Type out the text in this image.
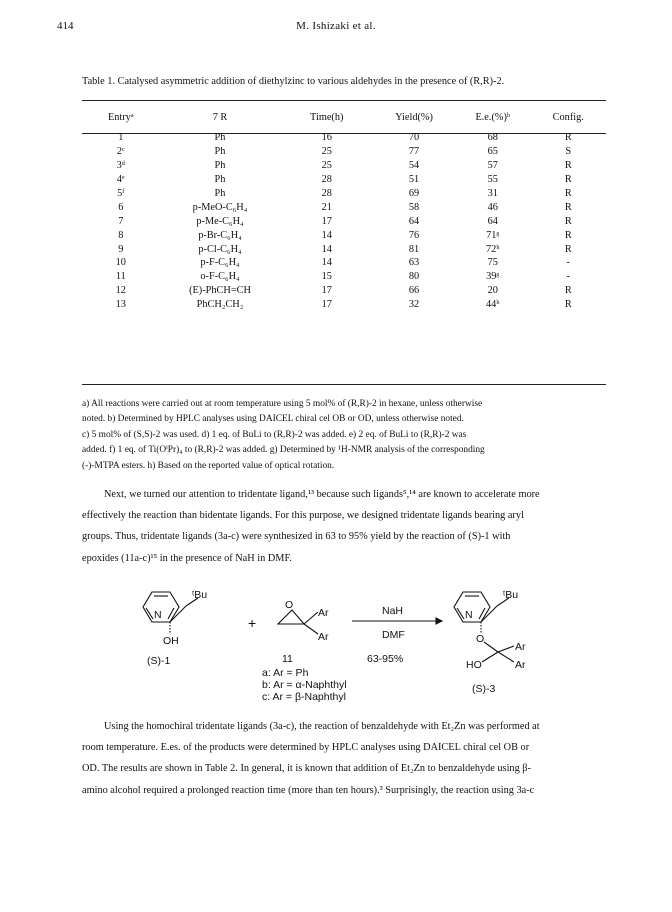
414	M. Ishizaki et al.
Table 1. Catalysed asymmetric addition of diethylzinc to various aldehydes in the presence of (R,R)-2.
Entryᵃ	7 R	Time(h)	Yield(%)	E.e.(%)ᵇ	Config.
1	Ph	16	70	68	R
2ᶜ	Ph	25	77	65	S
3ᵈ	Ph	25	54	57	R
4ᵉ	Ph	28	51	55	R
5ᶠ	Ph	28	69	31	R
6	p-MeO-C₆H₄	21	58	46	R
7	p-Me-C₆H₄	17	64	64	R
8	p-Br-C₆H₄	14	76	71ᵍ	R
9	p-Cl-C₆H₄	14	81	72ʰ	R
10	p-F-C₆H₄	14	63	75	-
11	o-F-C₆H₄	15	80	39ᵍ	-
12	(E)-PhCH=CH	17	66	20	R
13	PhCH₂CH₂	17	32	44ʰ	R

a) All reactions were carried out at room temperature using 5 mol% of (R,R)-2 in hexane, unless otherwise

noted. b) Determined by HPLC analyses using DAICEL chiral cel OB or OD, unless otherwise noted.

c) 5 mol% of (S,S)-2 was used. d) 1 eq. of BuLi to (R,R)-2 was added. e) 2 eq. of BuLi to (R,R)-2 was

added. f) 1 eq. of Ti(OⁱPr)₄ to (R,R)-2 was added. g) Determined by ¹H-NMR analysis of the corresponding

(-)-MTPA esters. h) Based on the reported value of optical rotation.

Next, we turned our attention to tridentate ligand,¹³ because such ligands⁵,¹⁴ are known to accelerate more

effectively the reaction than bidentate ligands. For this purpose, we designed tridentate ligands bearing aryl

groups. Thus, tridentate ligands (3a-c) were synthesized in 63 to 95% yield by the reaction of (S)-1 with

epoxides (11a-c)¹⁵ in the presence of NaH in DMF.

ᵗBu
N
OH
+
O
Ar
Ar
NaH
DMF
63-95%
ᵗBu
N
O
Ar
HO	Ar
(S)-1	11
a: Ar = Ph
b: Ar = α-Naphthyl
c: Ar = β-Naphthyl
(S)-3

Using the homochiral tridentate ligands (3a-c), the reaction of benzaldehyde with Et₂Zn was performed at

room temperature. E.es. of the products were determined by HPLC analyses using DAICEL chiral cel OB or

OD. The results are shown in Table 2. In general, it is known that addition of Et₂Zn to benzaldehyde using β-

amino alcohol required a prolonged reaction time (more than ten hours).³ Surprisingly, the reaction using 3a-c
